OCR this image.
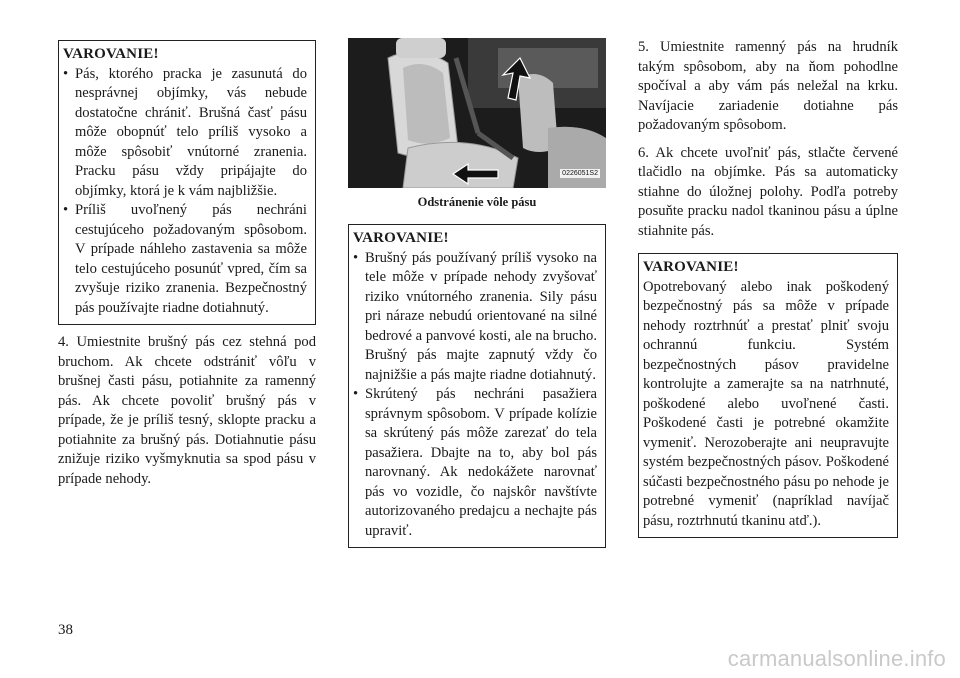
VAROVANIE!
• Pás, ktorého pracka je zasunutá do nesprávnej objímky, vás nebude dostatočne chrániť. Brušná časť pásu môže obopnúť telo príliš vysoko a môže spôsobiť vnútorné zranenia. Pracku pásu vždy pripájajte do objímky, ktorá je k vám najbližšie.
• Príliš uvoľnený pás nechráni cestujúceho požadovaným spôsobom. V prípade náhleho zastavenia sa môže telo cestujúceho posunúť vpred, čím sa zvyšuje riziko zranenia. Bezpečnostný pás používajte riadne dotiahnutý.

4. Umiestnite brušný pás cez stehná pod bruchom. Ak chcete odstrániť vôľu v brušnej časti pásu, potiahnite za ramenný pás. Ak chcete povoliť brušný pás v prípade, že je príliš tesný, sklopte pracku a potiahnite za brušný pás. Dotiahnutie pásu znižuje riziko vyšmyknutia sa spod pásu v prípade nehody.

0226051S2
Odstránenie vôle pásu
VAROVANIE!
• Brušný pás používaný príliš vysoko na tele môže v prípade nehody zvyšovať riziko vnútorného zranenia. Sily pásu pri náraze nebudú orientované na silné bedrové a panvové kosti, ale na brucho. Brušný pás majte zapnutý vždy čo najnižšie a pás majte riadne dotiahnutý.
• Skrútený pás nechráni pasažiera správnym spôsobom. V prípade kolízie sa skrútený pás môže zarezať do tela pasažiera. Dbajte na to, aby bol pás narovnaný. Ak nedokážete narovnať pás vo vozidle, čo najskôr navštívte autorizovaného predajcu a nechajte pás upraviť.

5. Umiestnite ramenný pás na hrudník takým spôsobom, aby na ňom pohodlne spočíval a aby vám pás neležal na krku. Navíjacie zariadenie dotiahne pás požadovaným spôsobom.

6. Ak chcete uvoľniť pás, stlačte červené tlačidlo na objímke. Pás sa automaticky stiahne do úložnej polohy. Podľa potreby posuňte pracku nadol tkaninou pásu a úplne stiahnite pás.

VAROVANIE!
Opotrebovaný alebo inak poškodený bezpečnostný pás sa môže v prípade nehody roztrhnúť a prestať plniť svoju ochrannú funkciu. Systém bezpečnostných pásov pravidelne kontrolujte a zamerajte sa na natrhnuté, poškodené alebo uvoľnené časti. Poškodené časti je potrebné okamžite vymeniť. Nerozoberajte ani neupravujte systém bezpečnostných pásov. Poškodené súčasti bezpečnostného pásu po nehode je potrebné vymeniť (napríklad navíjač pásu, roztrhnutú tkaninu atď.).
38
carmanualsonline.info
